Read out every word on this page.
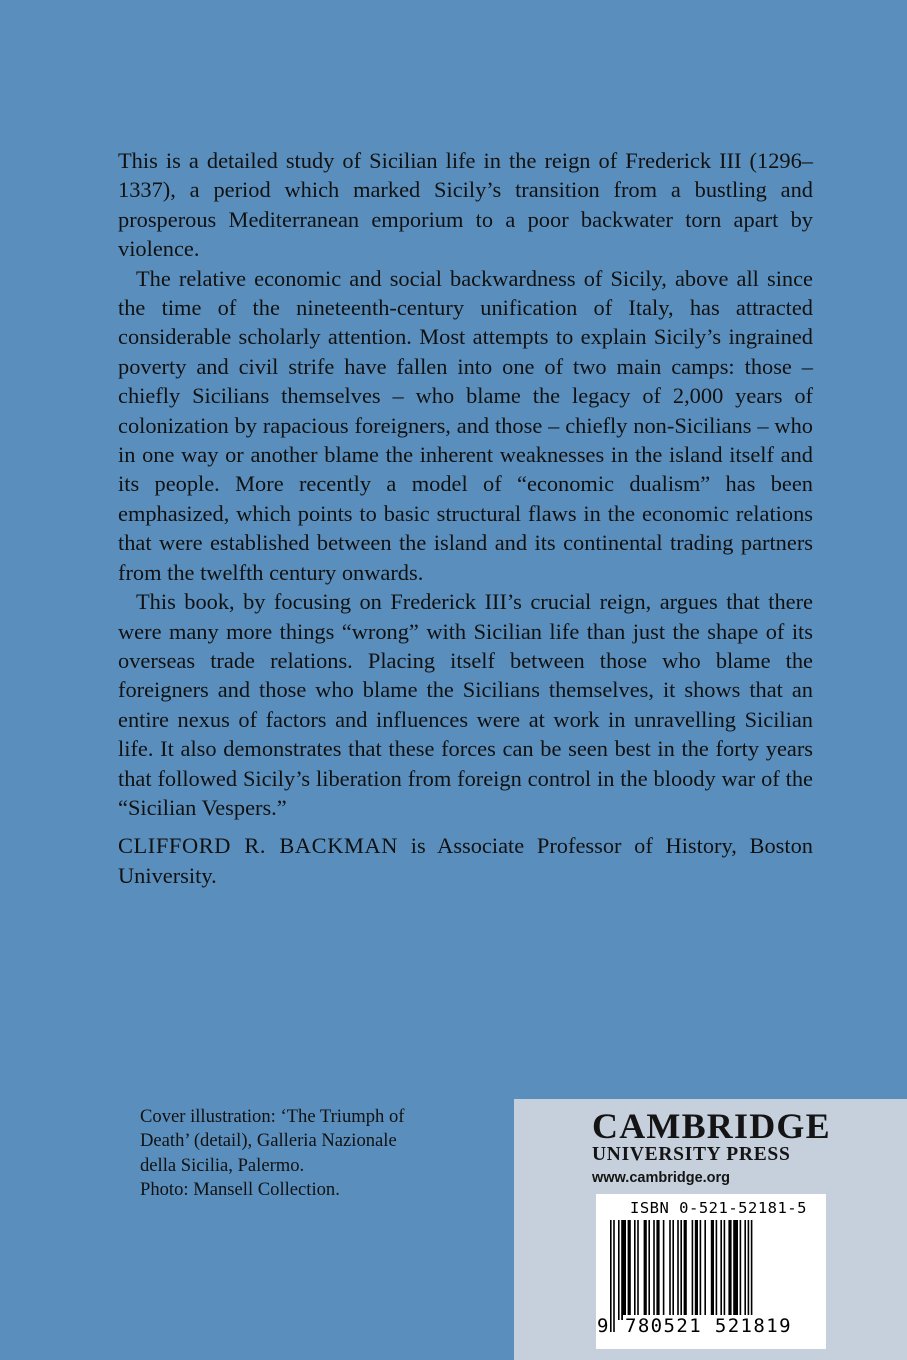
This is a detailed study of Sicilian life in the reign of Frederick III (1296–1337), a period which marked Sicily’s transition from a bustling and prosperous Mediterranean emporium to a poor backwater torn apart by violence.

The relative economic and social backwardness of Sicily, above all since the time of the nineteenth-century unification of Italy, has attracted considerable scholarly attention. Most attempts to explain Sicily’s ingrained poverty and civil strife have fallen into one of two main camps: those – chiefly Sicilians themselves – who blame the legacy of 2,000 years of colonization by rapacious foreigners, and those – chiefly non-Sicilians – who in one way or another blame the inherent weaknesses in the island itself and its people. More recently a model of “economic dualism” has been emphasized, which points to basic structural flaws in the economic relations that were established between the island and its continental trading partners from the twelfth century onwards.

This book, by focusing on Frederick III’s crucial reign, argues that there were many more things “wrong” with Sicilian life than just the shape of its overseas trade relations. Placing itself between those who blame the foreigners and those who blame the Sicilians themselves, it shows that an entire nexus of factors and influences were at work in unravelling Sicilian life. It also demonstrates that these forces can be seen best in the forty years that followed Sicily’s liberation from foreign control in the bloody war of the “Sicilian Vespers.”

CLIFFORD R. BACKMAN is Associate Professor of History, Boston University.

Cover illustration: ‘The Triumph of
Death’ (detail), Galleria Nazionale
della Sicilia, Palermo.
Photo: Mansell Collection.
CAMBRIDGE
UNIVERSITY PRESS
www.cambridge.org
ISBN 0-521-52181-5
9 780521 521819
